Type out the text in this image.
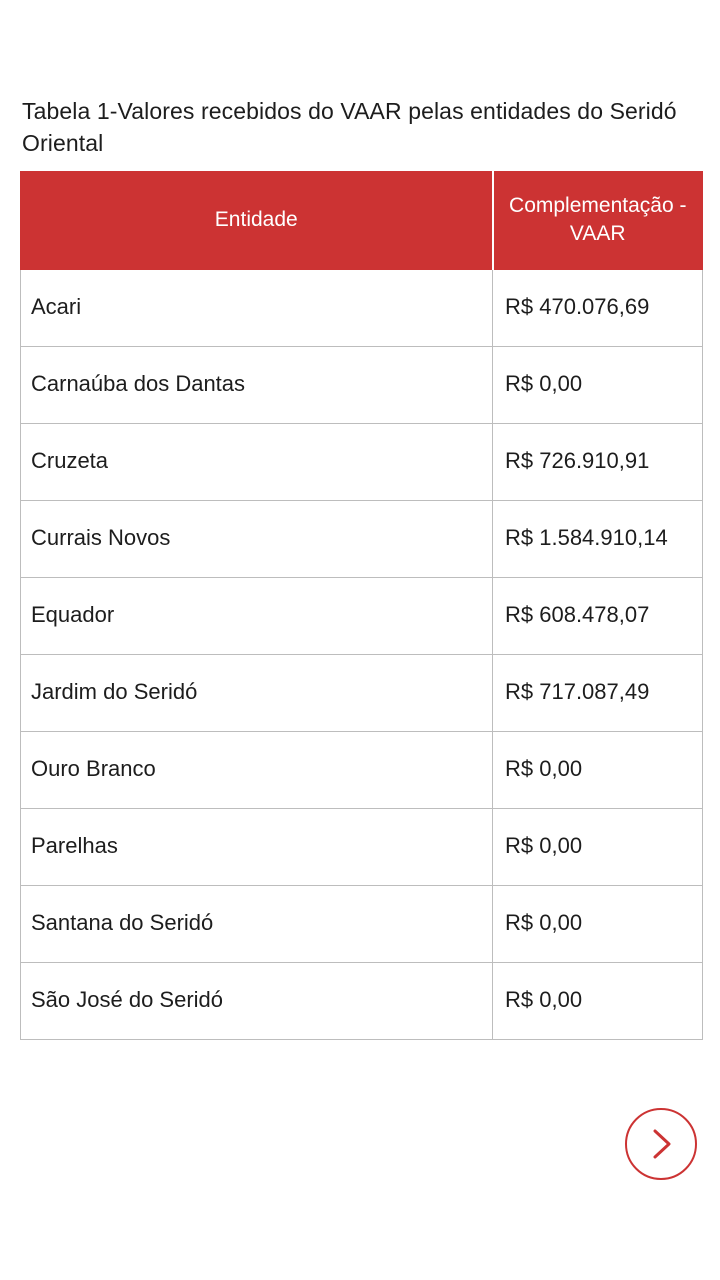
Tabela 1-Valores recebidos do VAAR pelas entidades do Seridó Oriental
Entidade	Complementação -VAAR
Acari	R$ 470.076,69
Carnaúba dos Dantas	R$ 0,00
Cruzeta	R$ 726.910,91
Currais Novos	R$ 1.584.910,14
Equador	R$ 608.478,07
Jardim do Seridó	R$ 717.087,49
Ouro Branco	R$ 0,00
Parelhas	R$ 0,00
Santana do Seridó	R$ 0,00
São José do Seridó	R$ 0,00
